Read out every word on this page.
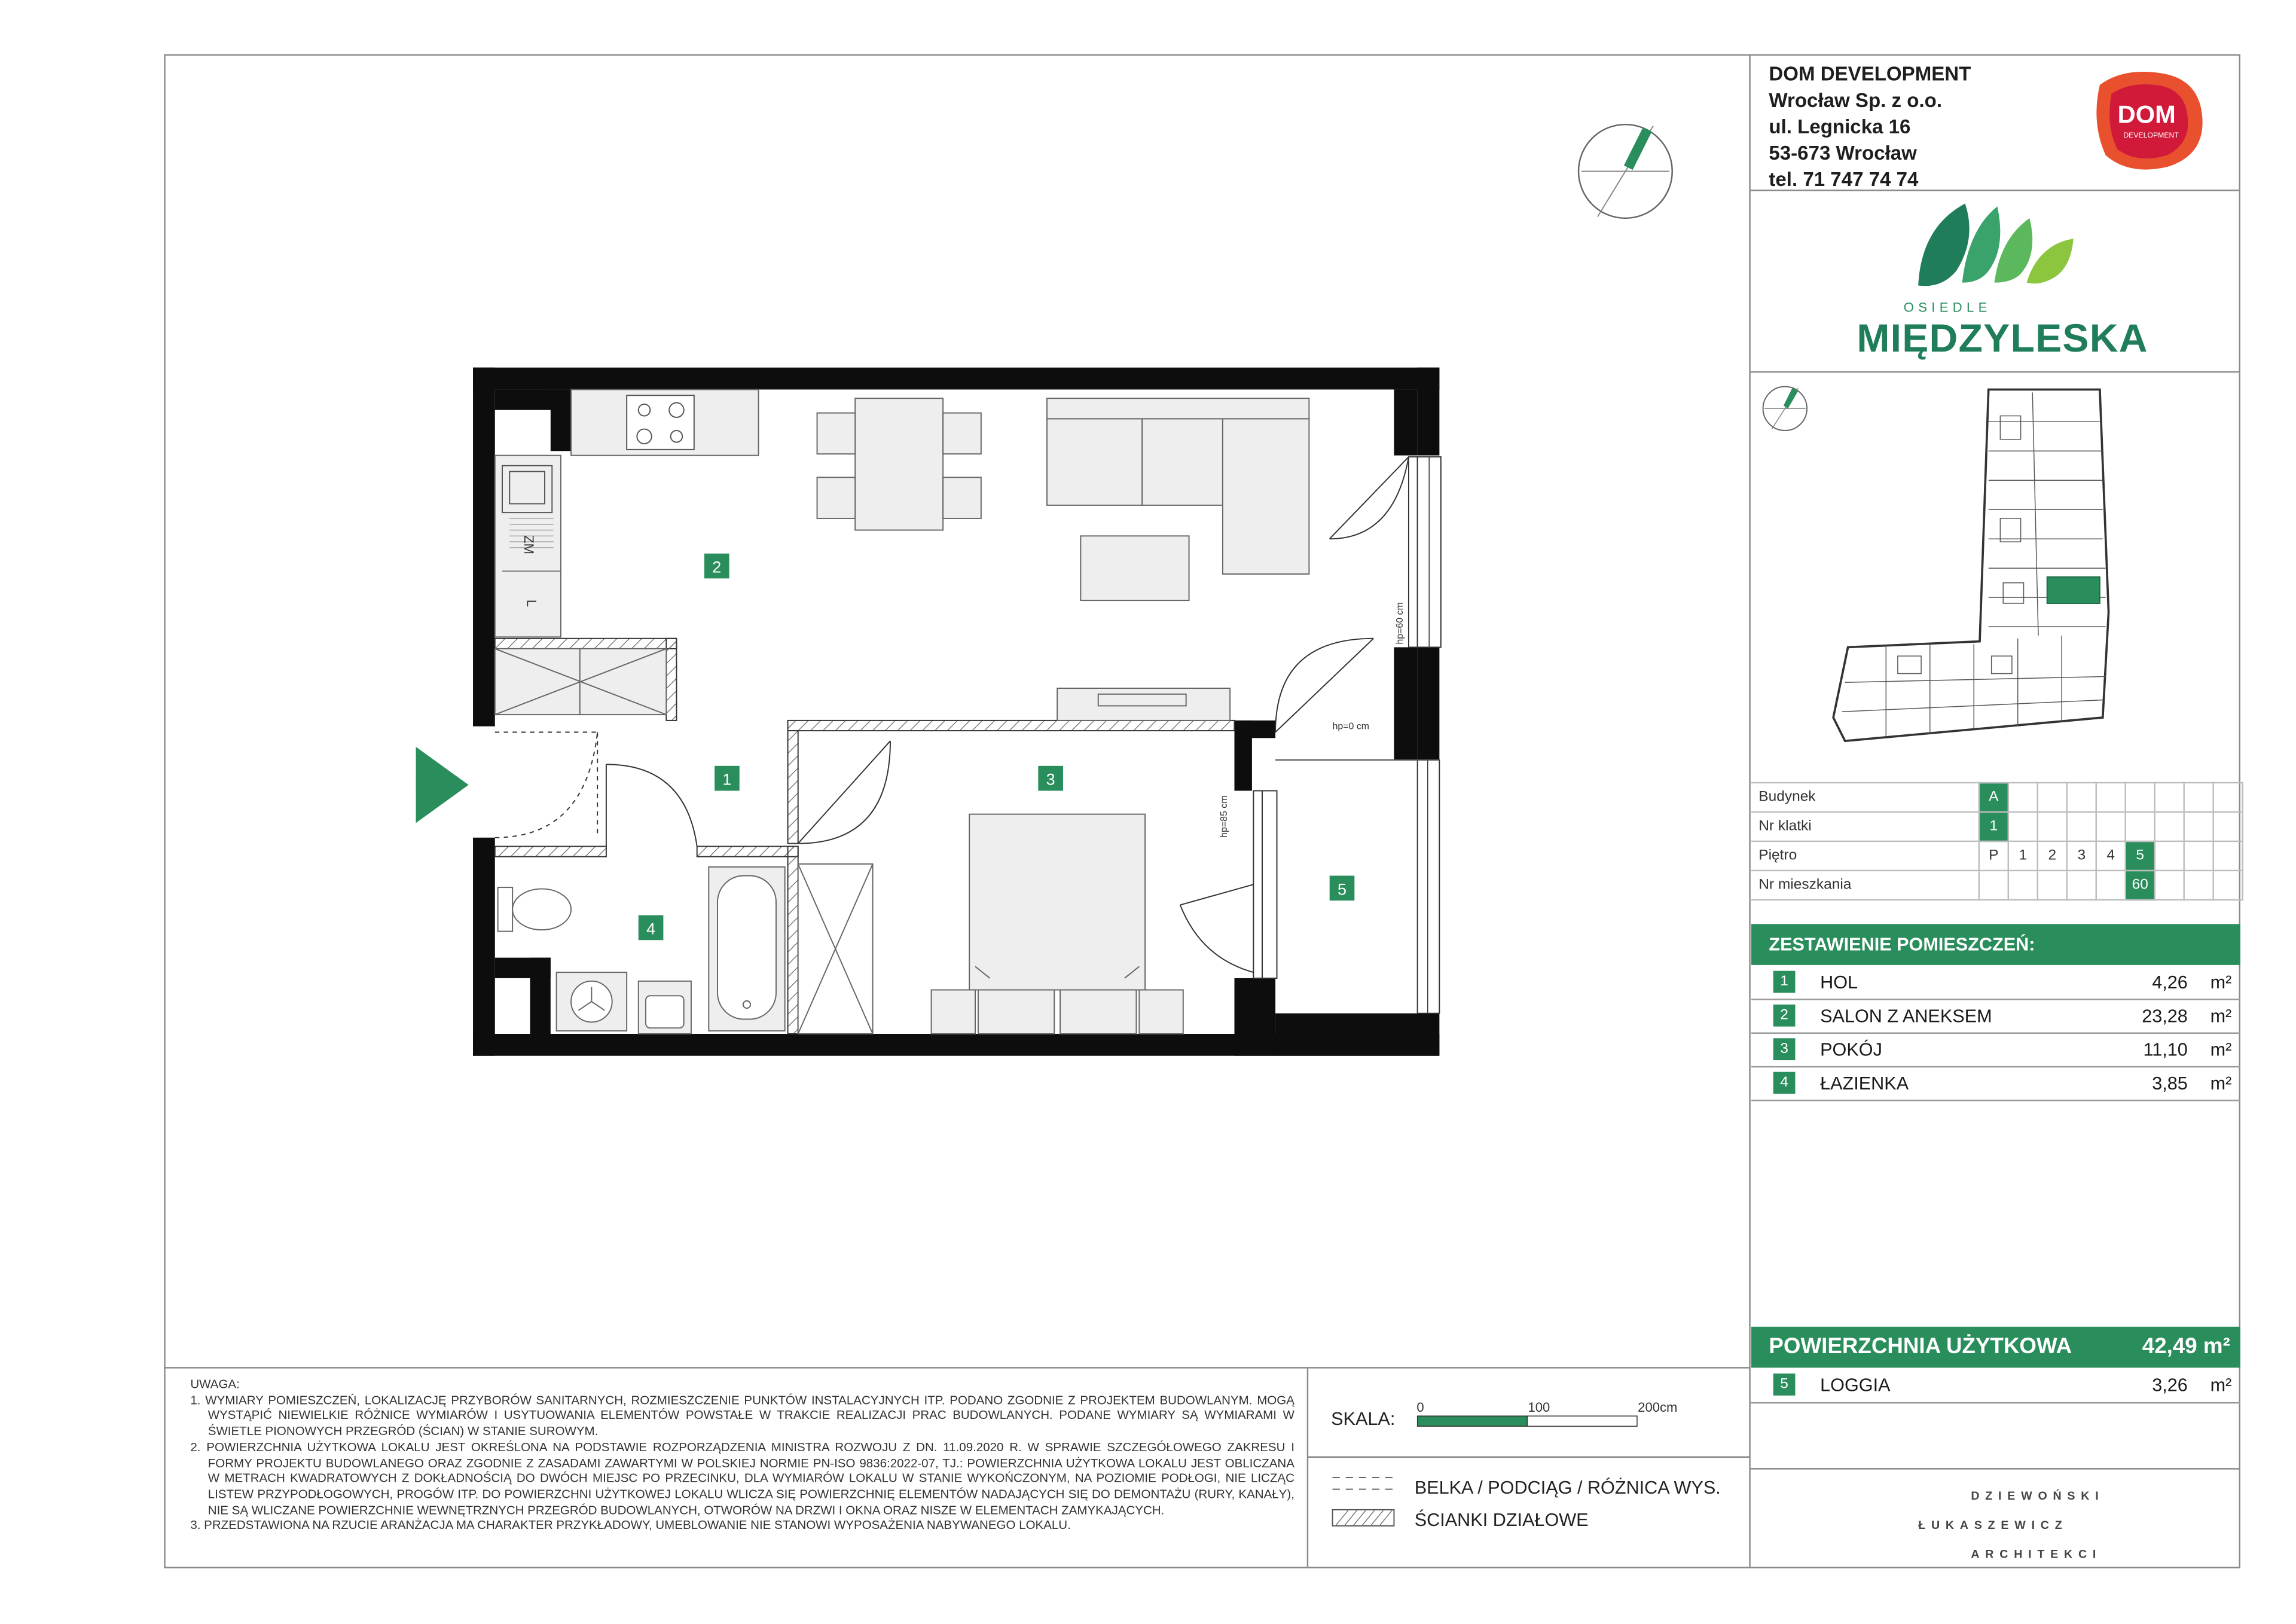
DOM DEVELOPMENT
Wrocław Sp. z o.o.
ul. Legnicka 16
53-673 Wrocław
tel. 71 747 74 74
DOM
DEVELOPMENT
OSIEDLE
MIĘDZYLESKA
Budynek	A								
Nr klatki	1								
Piętro	P	1	2	3	4	5			
Nr mieszkania						60			
ZESTAWIENIE POMIESZCZEŃ:
1	HOL	4,26	m²
2	SALON Z ANEKSEM	23,28	m²
3	POKÓJ	11,10	m²
4	ŁAZIENKA	3,85	m²
POWIERZCHNIA UŻYTKOWA	42,49 m²
5	LOGGIA	3,26	m²
DZIEWOŃSKI
ŁUKASZEWICZ
ARCHITEKCI
UWAGA:
1. WYMIARY POMIESZCZEŃ, LOKALIZACJĘ PRZYBORÓW SANITARNYCH, ROZMIESZCZENIE PUNKTÓW INSTALACYJNYCH ITP. PODANO ZGODNIE Z PROJEKTEM BUDOWLANYM. MOGĄ WYSTĄPIĆ NIEWIELKIE RÓŻNICE WYMIARÓW I USYTUOWANIA ELEMENTÓW POWSTAŁE W TRAKCIE REALIZACJI PRAC BUDOWLANYCH. PODANE WYMIARY SĄ WYMIARAMI W ŚWIETLE PIONOWYCH PRZEGRÓD (ŚCIAN) W STANIE SUROWYM.
2. POWIERZCHNIA UŻYTKOWA LOKALU JEST OKREŚLONA NA PODSTAWIE ROZPORZĄDZENIA MINISTRA ROZWOJU Z DN. 11.09.2020 R. W SPRAWIE SZCZEGÓŁOWEGO ZAKRESU I FORMY PROJEKTU BUDOWLANEGO ORAZ ZGODNIE Z ZASADAMI ZAWARTYMI W POLSKIEJ NORMIE PN-ISO 9836:2022-07, TJ.: POWIERZCHNIA UŻYTKOWA LOKALU JEST OBLICZANA W METRACH KWADRATOWYCH Z DOKŁADNOŚCIĄ DO DWÓCH MIEJSC PO PRZECINKU, DLA WYMIARÓW LOKALU W STANIE WYKOŃCZONYM, NA POZIOMIE PODŁOGI, NIE LICZĄC LISTEW PRZYPODŁOGOWYCH, PROGÓW ITP. DO POWIERZCHNI UŻYTKOWEJ LOKALU WLICZA SIĘ POWIERZCHNIĘ ELEMENTÓW NADAJĄCYCH SIĘ DO DEMONTAŻU (RURY, KANAŁY), NIE SĄ WLICZANE POWIERZCHNIE WEWNĘTRZNYCH PRZEGRÓD BUDOWLANYCH, OTWORÓW NA DRZWI I OKNA ORAZ NISZE W ELEMENTACH ZAMYKAJĄCYCH.
3. PRZEDSTAWIONA NA RZUCIE ARANŻACJA MA CHARAKTER PRZYKŁADOWY, UMEBLOWANIE NIE STANOWI WYPOSAŻENIA NABYWANEGO LOKALU.
SKALA:
0	100	200cm
BELKA / PODCIĄG / RÓŻNICA WYS.
ŚCIANKI DZIAŁOWE
ZM
L
2
1	3
4
5
hp=60 cm
hp=0 cm
hp=85 cm
